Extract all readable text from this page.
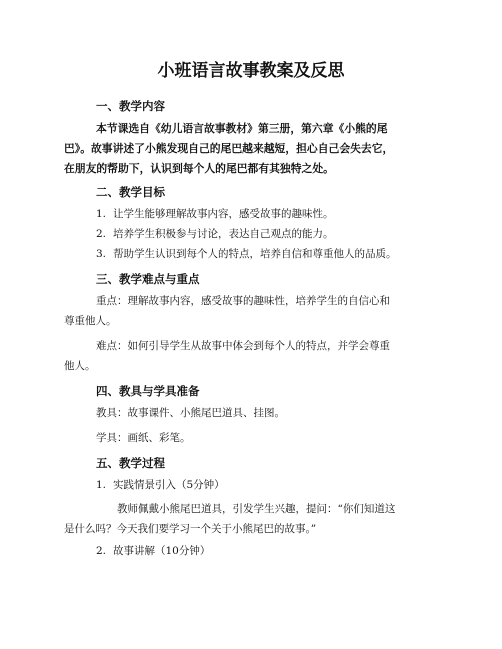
小班语言故事教案及反思
一、教学内容
本节课选自《幼儿语言故事教材》第三册，第六章《小熊的尾
巴》。故事讲述了小熊发现自己的尾巴越来越短，担心自己会失去它，
在朋友的帮助下，认识到每个人的尾巴都有其独特之处。
二、教学目标
1. 让学生能够理解故事内容，感受故事的趣味性。
2. 培养学生积极参与讨论，表达自己观点的能力。
3. 帮助学生认识到每个人的特点，培养自信和尊重他人的品质。
三、教学难点与重点
重点：理解故事内容，感受故事的趣味性，培养学生的自信心和
尊重他人。
难点：如何引导学生从故事中体会到每个人的特点，并学会尊重
他人。
四、教具与学具准备
教具：故事课件、小熊尾巴道具、挂图。
学具：画纸、彩笔。
五、教学过程
1. 实践情景引入（5分钟）
教师佩戴小熊尾巴道具，引发学生兴趣，提问：“你们知道这
是什么吗？今天我们要学习一个关于小熊尾巴的故事。”
2. 故事讲解（10分钟）
